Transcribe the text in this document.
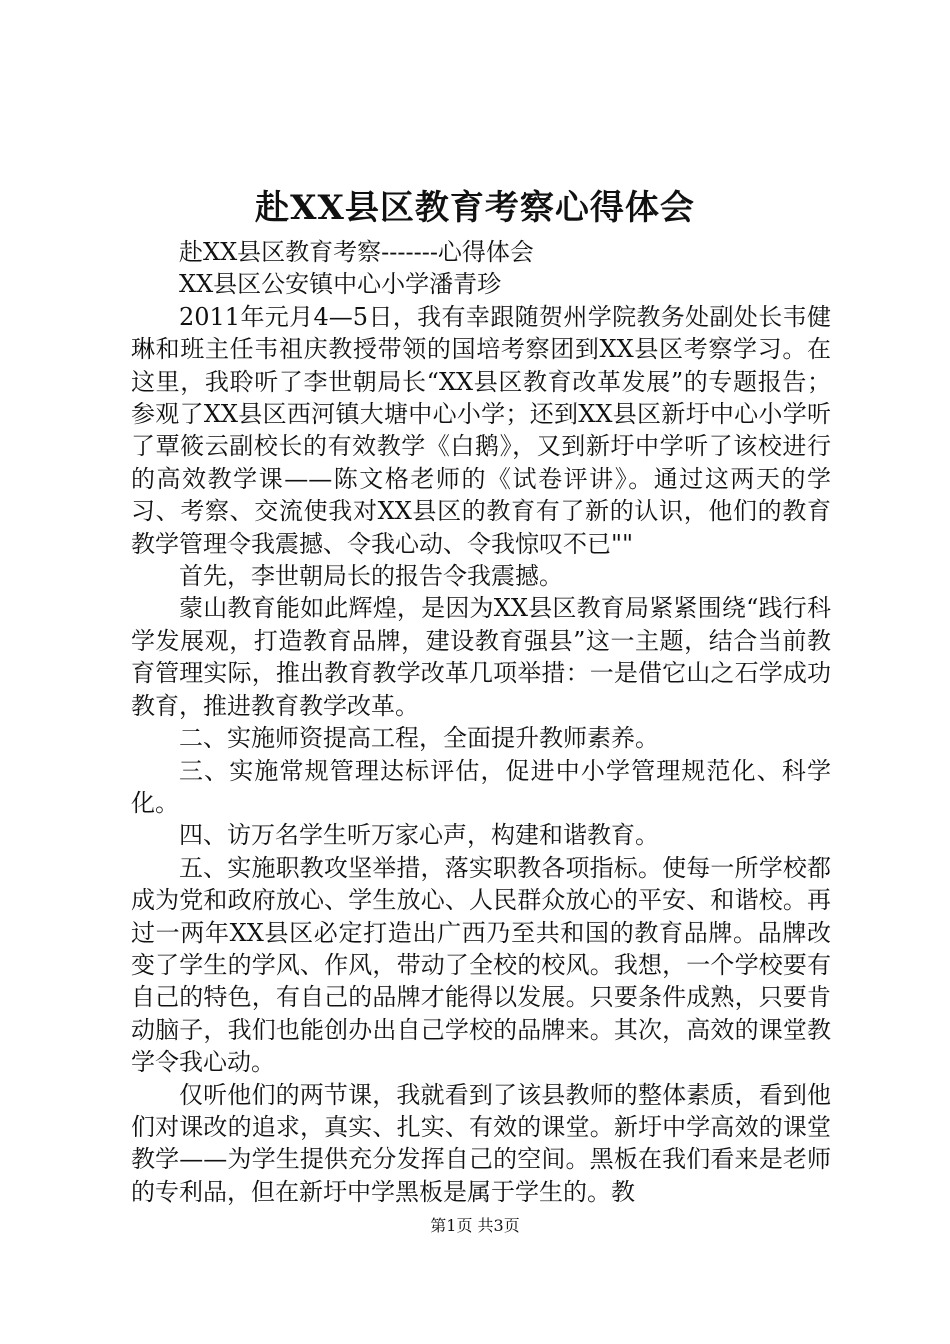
赴XX县区教育考察心得体会

赴XX县区教育考察-------心得体会

XX县区公安镇中心小学潘青珍

2011年元月4—5日，我有幸跟随贺州学院教务处副处长韦健琳和班主任韦祖庆教授带领的国培考察团到XX县区考察学习。在这里，我聆听了李世朝局长“XX县区教育改革发展”的专题报告；参观了XX县区西河镇大塘中心小学；还到XX县区新圩中心小学听了覃筱云副校长的有效教学《白鹅》，又到新圩中学听了该校进行的高效教学课——陈文格老师的《试卷评讲》。通过这两天的学习、考察、交流使我对XX县区的教育有了新的认识，他们的教育教学管理令我震撼、令我心动、令我惊叹不已""

首先，李世朝局长的报告令我震撼。

蒙山教育能如此辉煌，是因为XX县区教育局紧紧围绕“践行科学发展观，打造教育品牌，建设教育强县”这一主题，结合当前教育管理实际，推出教育教学改革几项举措：一是借它山之石学成功教育，推进教育教学改革。

二、实施师资提高工程，全面提升教师素养。

三、实施常规管理达标评估，促进中小学管理规范化、科学化。

四、访万名学生听万家心声，构建和谐教育。

五、实施职教攻坚举措，落实职教各项指标。使每一所学校都成为党和政府放心、学生放心、人民群众放心的平安、和谐校。再过一两年XX县区必定打造出广西乃至共和国的教育品牌。品牌改变了学生的学风、作风，带动了全校的校风。我想，一个学校要有自己的特色，有自己的品牌才能得以发展。只要条件成熟，只要肯动脑子，我们也能创办出自己学校的品牌来。其次，高效的课堂教学令我心动。

仅听他们的两节课，我就看到了该县教师的整体素质，看到他们对课改的追求，真实、扎实、有效的课堂。新圩中学高效的课堂教学——为学生提供充分发挥自己的空间。黑板在我们看来是老师的专利品，但在新圩中学黑板是属于学生的。教

第1页 共3页
